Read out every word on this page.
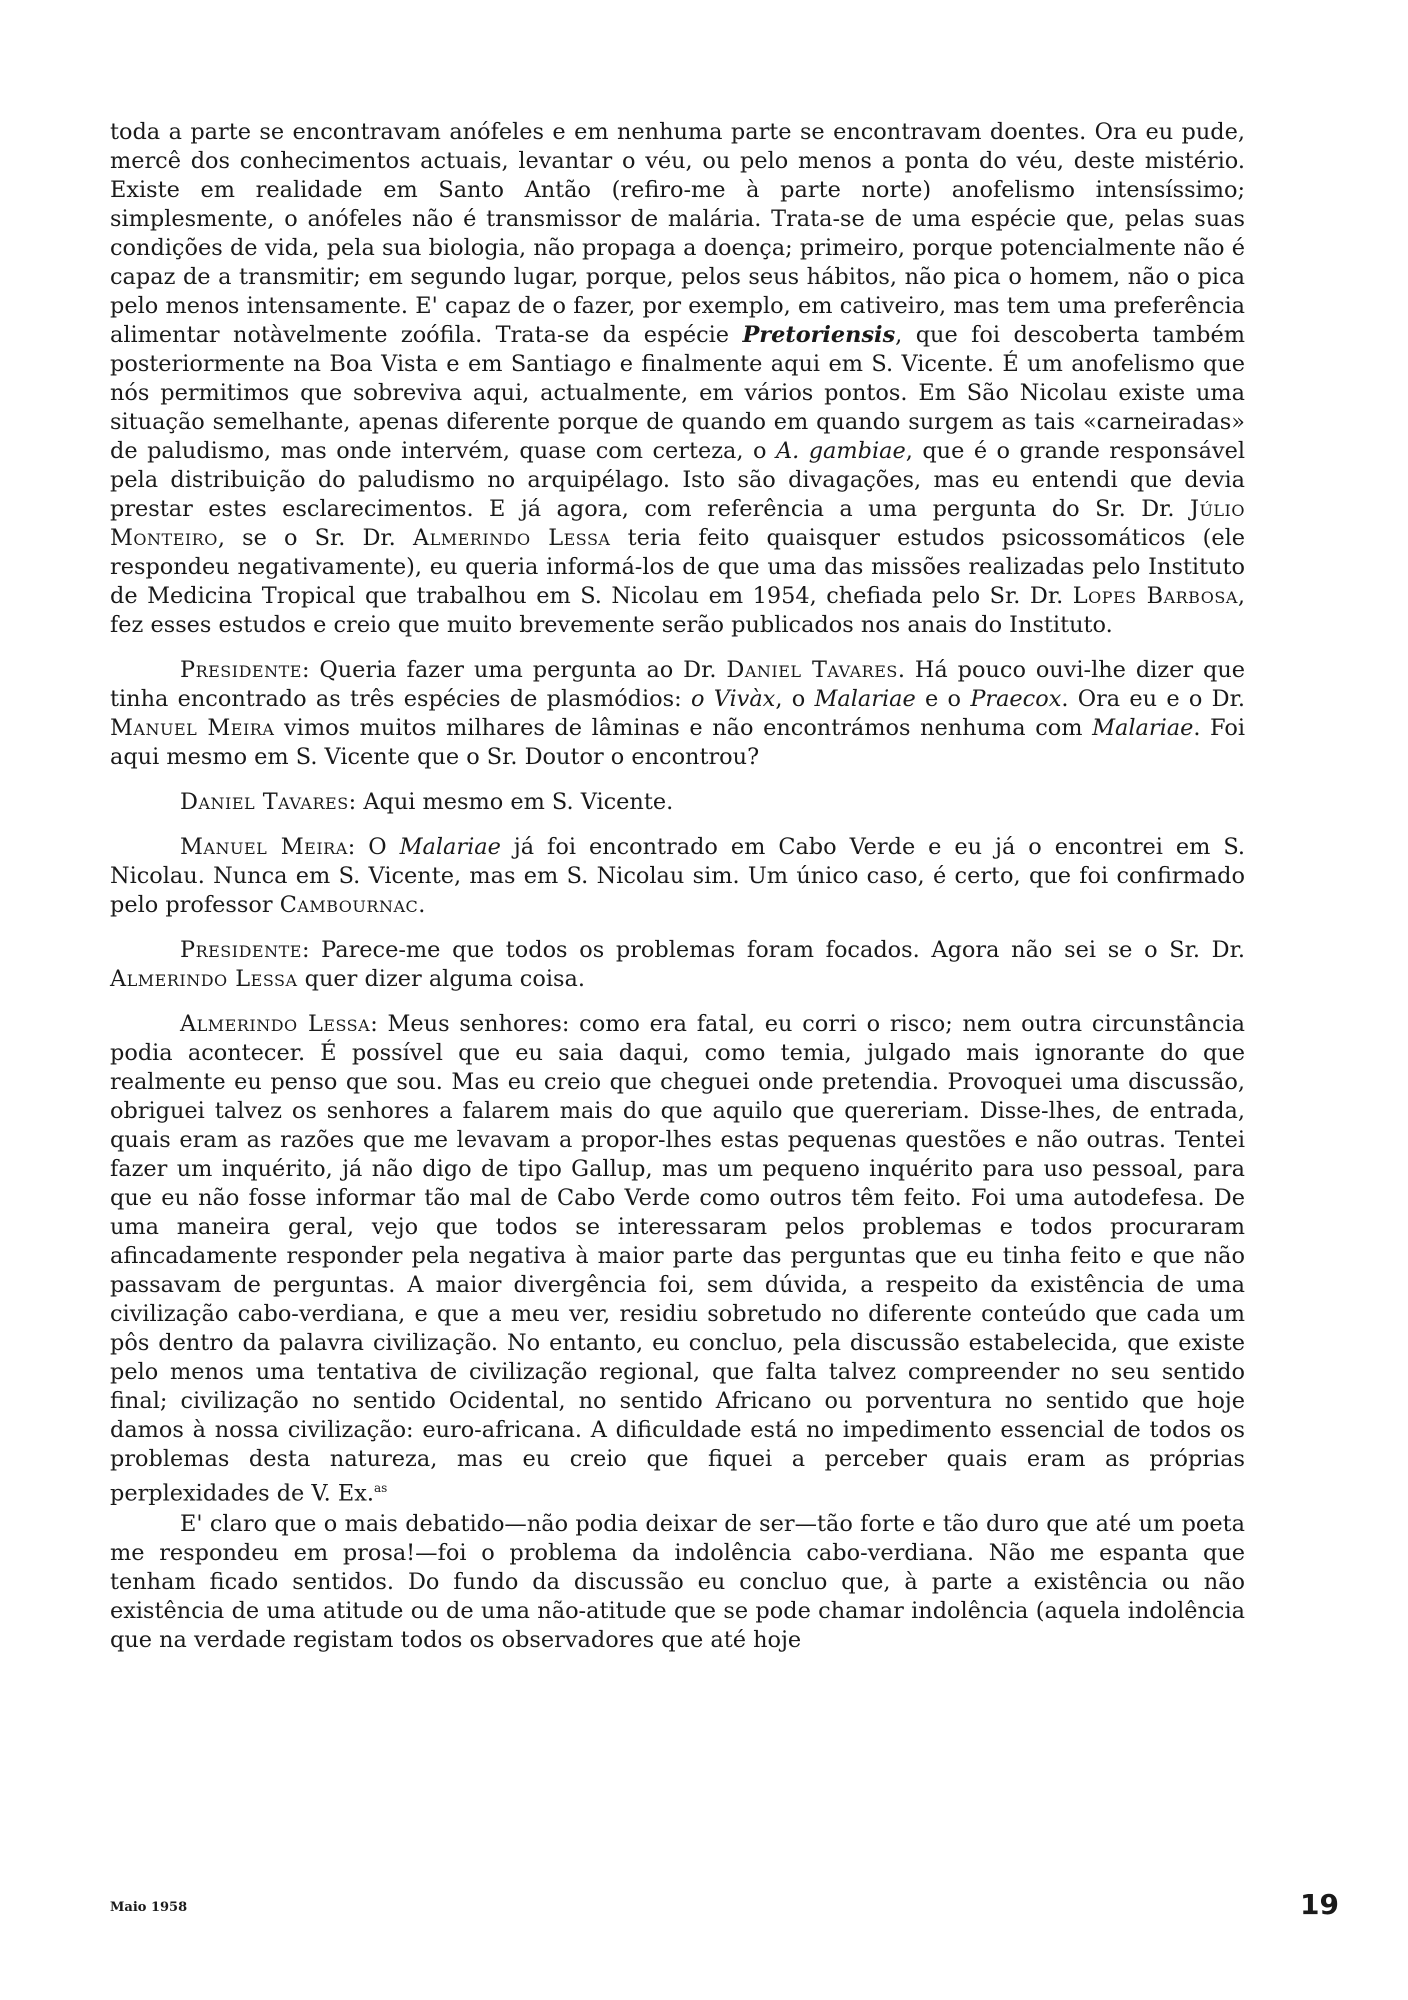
toda a parte se encontravam anófeles e em nenhuma parte se encontravam doentes. Ora eu pude, mercê dos conhecimentos actuais, levantar o véu, ou pelo menos a ponta do véu, deste mistério. Existe em realidade em Santo Antão (refiro-me à parte norte) anofelismo intensíssimo; simplesmente, o anófeles não é transmissor de malária. Trata-se de uma espécie que, pelas suas condições de vida, pela sua biologia, não propaga a doença; primeiro, porque potencialmente não é capaz de a transmitir; em segundo lugar, porque, pelos seus hábitos, não pica o homem, não o pica pelo menos intensamente. E' capaz de o fazer, por exemplo, em cativeiro, mas tem uma preferência alimentar notàvelmente zoófila. Trata-se da espécie Pretoriensis, que foi descoberta também posteriormente na Boa Vista e em Santiago e finalmente aqui em S. Vicente. É um anofelismo que nós permitimos que sobreviva aqui, actualmente, em vários pontos. Em São Nicolau existe uma situação semelhante, apenas diferente porque de quando em quando surgem as tais «carneiradas» de paludismo, mas onde intervém, quase com certeza, o A. gambiae, que é o grande responsável pela distribuição do paludismo no arquipélago. Isto são divagações, mas eu entendi que devia prestar estes esclarecimentos. E já agora, com referência a uma pergunta do Sr. Dr. Júlio Monteiro, se o Sr. Dr. Almerindo Lessa teria feito quaisquer estudos psicossomáticos (ele respondeu negativamente), eu queria informá-los de que uma das missões realizadas pelo Instituto de Medicina Tropical que trabalhou em S. Nicolau em 1954, chefiada pelo Sr. Dr. Lopes Barbosa, fez esses estudos e creio que muito brevemente serão publicados nos anais do Instituto.

Presidente: Queria fazer uma pergunta ao Dr. Daniel Tavares. Há pouco ouvi-lhe dizer que tinha encontrado as três espécies de plasmódios: o Vivàx, o Malariae e o Praecox. Ora eu e o Dr. Manuel Meira vimos muitos milhares de lâminas e não encontrámos nenhuma com Malariae. Foi aqui mesmo em S. Vicente que o Sr. Doutor o encontrou?

Daniel Tavares: Aqui mesmo em S. Vicente.

Manuel Meira: O Malariae já foi encontrado em Cabo Verde e eu já o encontrei em S. Nicolau. Nunca em S. Vicente, mas em S. Nicolau sim. Um único caso, é certo, que foi confirmado pelo professor Cambournac.

Presidente: Parece-me que todos os problemas foram focados. Agora não sei se o Sr. Dr. Almerindo Lessa quer dizer alguma coisa.

Almerindo Lessa: Meus senhores: como era fatal, eu corri o risco; nem outra circunstância podia acontecer. É possível que eu saia daqui, como temia, julgado mais ignorante do que realmente eu penso que sou. Mas eu creio que cheguei onde pretendia. Provoquei uma discussão, obriguei talvez os senhores a falarem mais do que aquilo que quereriam. Disse-lhes, de entrada, quais eram as razões que me levavam a propor-lhes estas pequenas questões e não outras. Tentei fazer um inquérito, já não digo de tipo Gallup, mas um pequeno inquérito para uso pessoal, para que eu não fosse informar tão mal de Cabo Verde como outros têm feito. Foi uma autodefesa. De uma maneira geral, vejo que todos se interessaram pelos problemas e todos procuraram afincadamente responder pela negativa à maior parte das perguntas que eu tinha feito e que não passavam de perguntas. A maior divergência foi, sem dúvida, a respeito da existência de uma civilização cabo-verdiana, e que a meu ver, residiu sobretudo no diferente conteúdo que cada um pôs dentro da palavra civilização. No entanto, eu concluo, pela discussão estabelecida, que existe pelo menos uma tentativa de civilização regional, que falta talvez compreender no seu sentido final; civilização no sentido Ocidental, no sentido Africano ou porventura no sentido que hoje damos à nossa civilização: euro-africana. A dificuldade está no impedimento essencial de todos os problemas desta natureza, mas eu creio que fiquei a perceber quais eram as próprias perplexidades de V. Ex.$^{as}$

E' claro que o mais debatido—não podia deixar de ser—tão forte e tão duro que até um poeta me respondeu em prosa!—foi o problema da indolência cabo-verdiana. Não me espanta que tenham ficado sentidos. Do fundo da discussão eu concluo que, à parte a existência ou não existência de uma atitude ou de uma não-atitude que se pode chamar indolência (aquela indolência que na verdade registam todos os observadores que até hoje

Maio 1958	19
